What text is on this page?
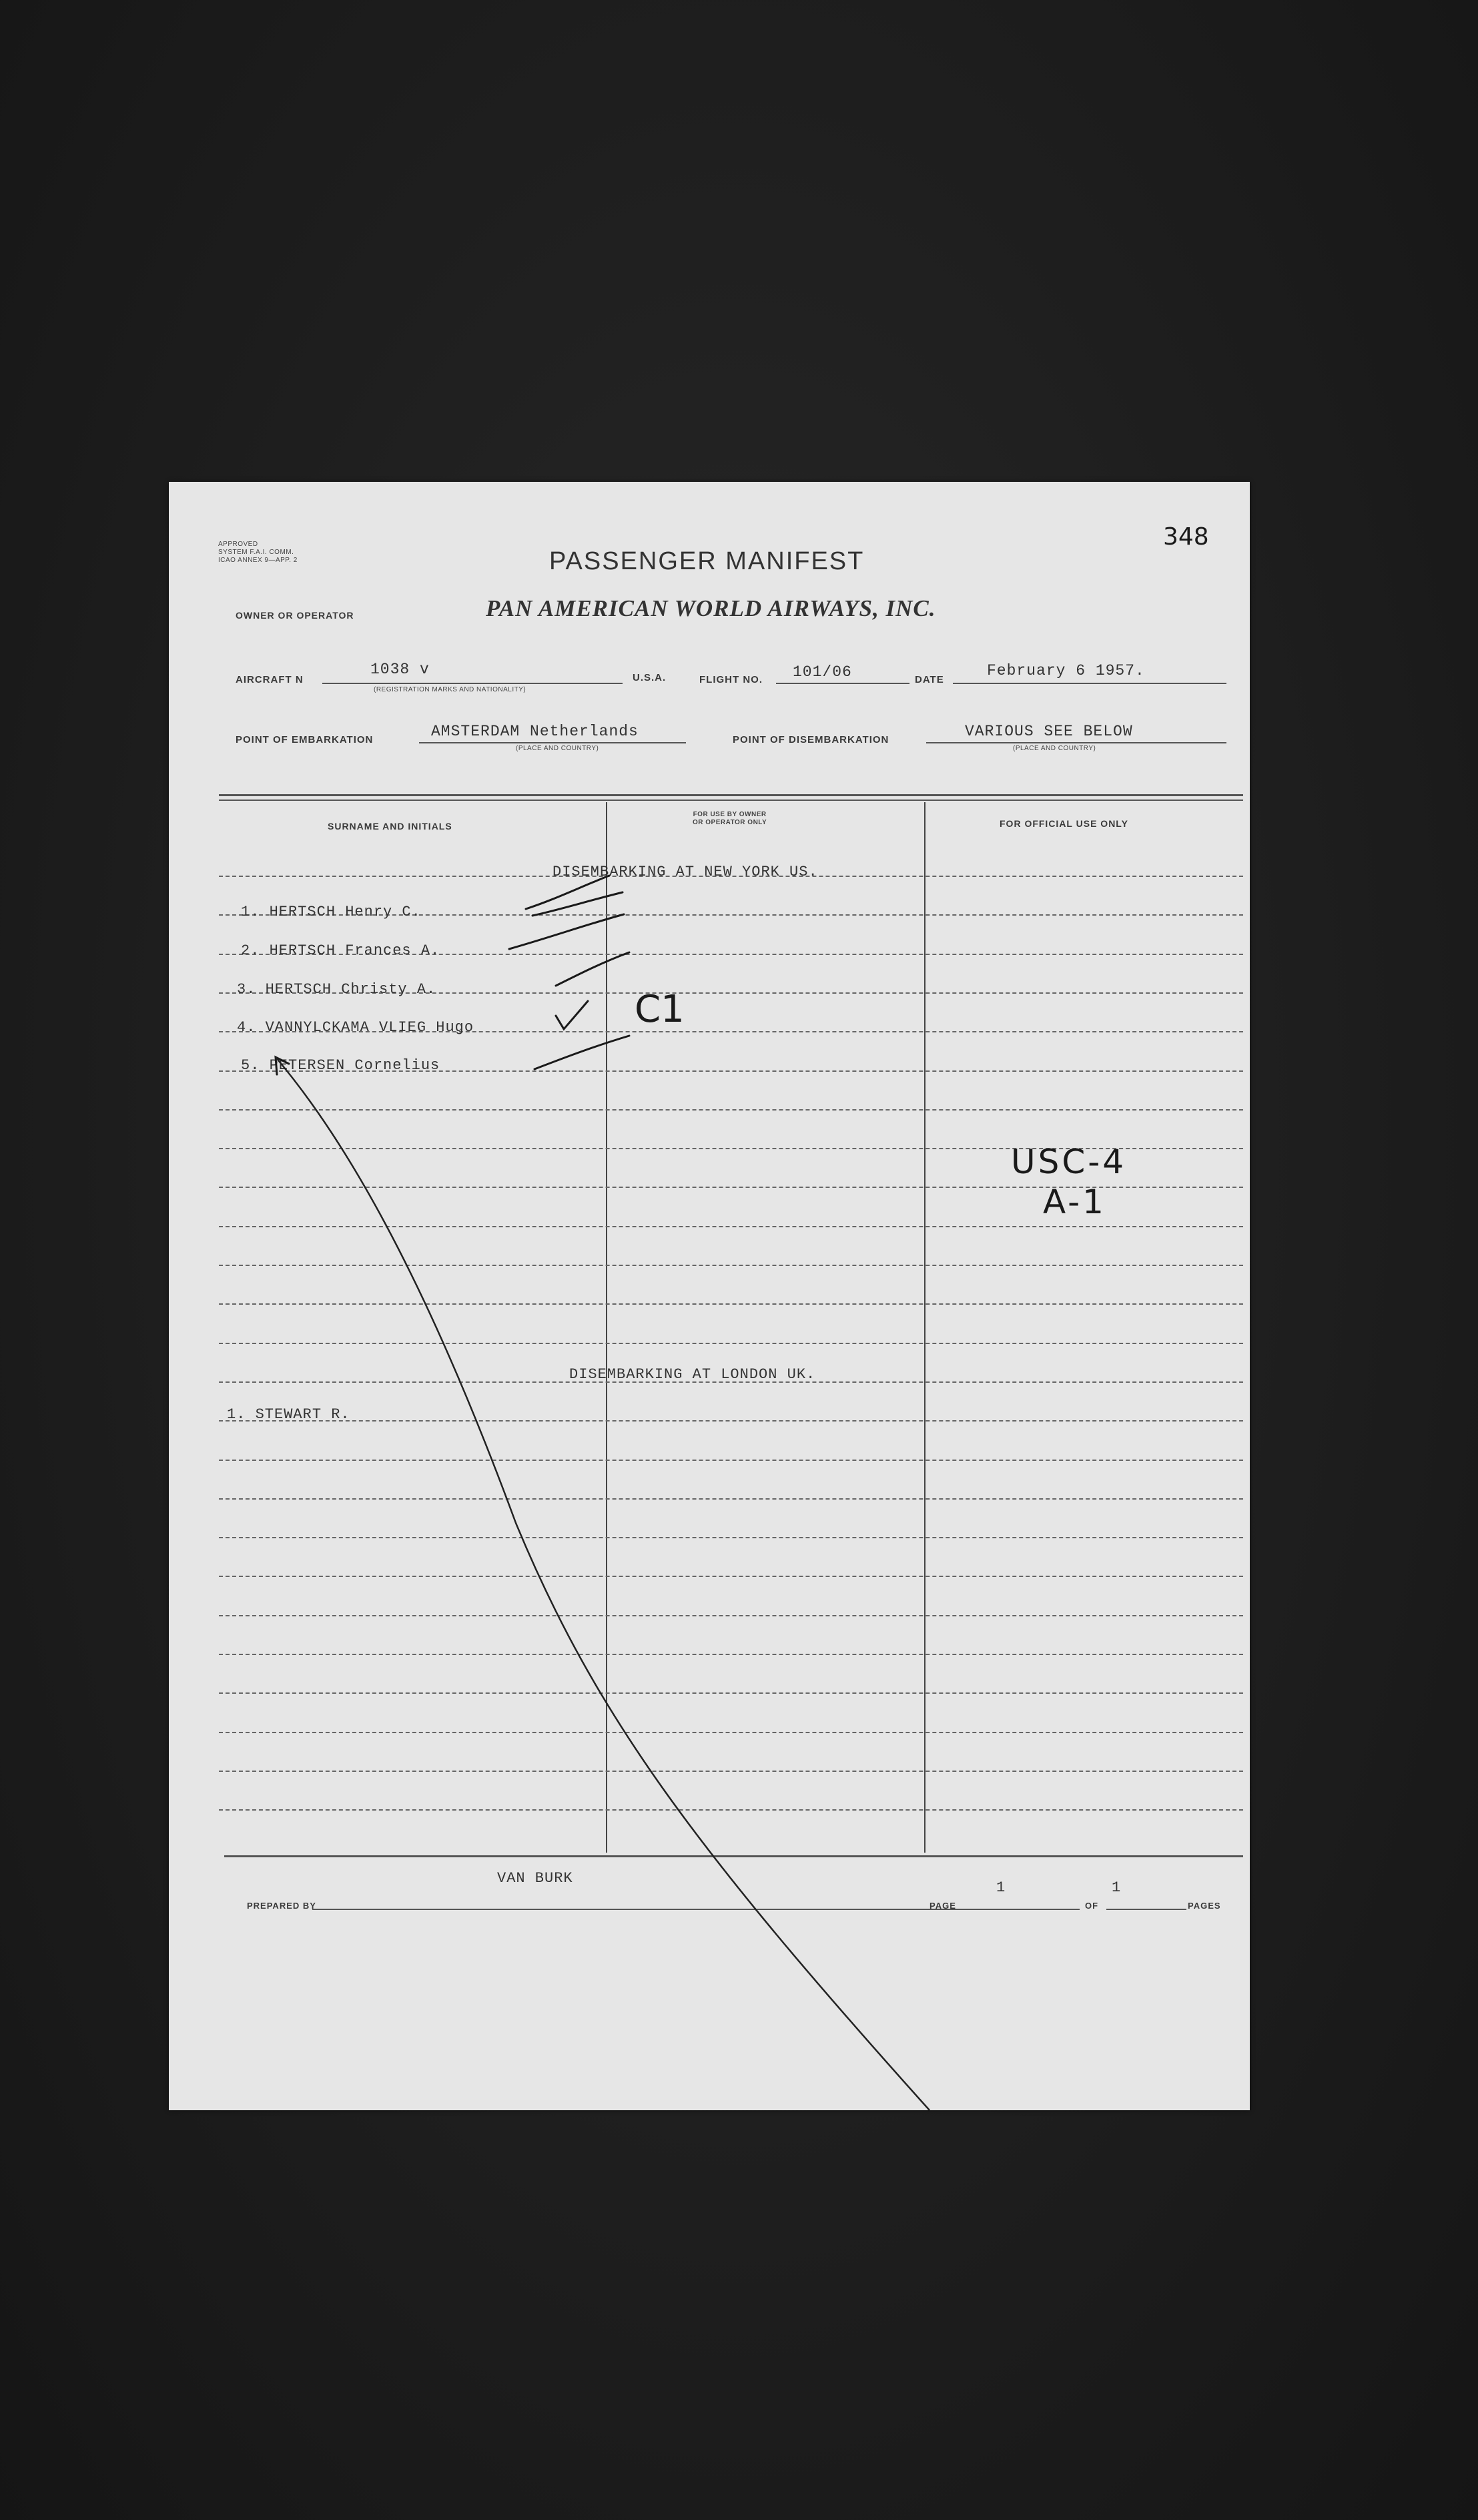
APPROVED
SYSTEM F.A.I. COMM.
ICAO ANNEX 9—APP. 2
348
PASSENGER MANIFEST
OWNER OR OPERATOR	PAN AMERICAN WORLD AIRWAYS, INC.
AIRCRAFT N
1038 v
(REGISTRATION MARKS AND NATIONALITY)
U.S.A.	FLIGHT NO. 101/06	DATE
February 6 1957.
POINT OF EMBARKATION	AMSTERDAM Netherlands
(PLACE AND COUNTRY)
POINT OF DISEMBARKATION	VARIOUS SEE BELOW
(PLACE AND COUNTRY)
SURNAME AND INITIALS
FOR USE BY OWNER
OR OPERATOR ONLY	FOR OFFICIAL USE ONLY
DISEMBARKING AT NEW YORK US.
1. HERTSCH Henry C.
2. HERTSCH Frances A.
3. HERTSCH Christy A.
4. VANNYLCKAMA VLIEG Hugo
5. PETERSEN Cornelius
C1
USC-4
A-1
DISEMBARKING AT LONDON UK.
1. STEWART R.
VAN BURK
PREPARED BY	PAGE
1
OF
1
PAGES
